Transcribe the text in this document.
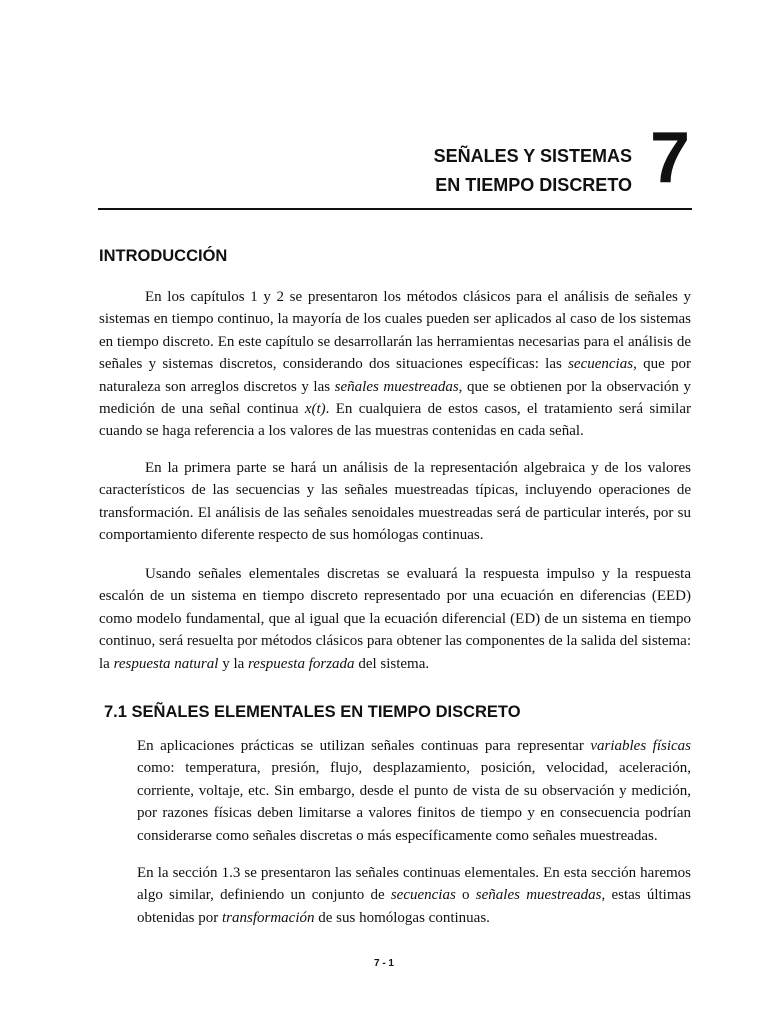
SEÑALES Y SISTEMAS
EN TIEMPO DISCRETO 7
INTRODUCCIÓN

En los capítulos 1 y 2 se presentaron los métodos clásicos para el análisis de señales y sistemas en tiempo continuo, la mayoría de los cuales pueden ser aplicados al caso de los sistemas en tiempo discreto. En este capítulo se desarrollarán las herramientas necesarias para el análisis de señales y sistemas discretos, considerando dos situaciones específicas: las secuencias, que por naturaleza son arreglos discretos y las señales muestreadas, que se obtienen por la observación y medición de una señal continua x(t). En cualquiera de estos casos, el tratamiento será similar cuando se haga referencia a los valores de las muestras contenidas en cada señal.

En la primera parte se hará un análisis de la representación algebraica y de los valores característicos de las secuencias y las señales muestreadas típicas, incluyendo operaciones de transformación. El análisis de las señales senoidales muestreadas será de particular interés, por su comportamiento diferente respecto de sus homólogas continuas.

Usando señales elementales discretas se evaluará la respuesta impulso y la respuesta escalón de un sistema en tiempo discreto representado por una ecuación en diferencias (EED) como modelo fundamental, que al igual que la ecuación diferencial (ED) de un sistema en tiempo continuo, será resuelta por métodos clásicos para obtener las componentes de la salida del sistema: la respuesta natural y la respuesta forzada del sistema.

7.1 SEÑALES ELEMENTALES EN TIEMPO DISCRETO

En aplicaciones prácticas se utilizan señales continuas para representar variables físicas como: temperatura, presión, flujo, desplazamiento, posición, velocidad, aceleración, corriente, voltaje, etc. Sin embargo, desde el punto de vista de su observación y medición, por razones físicas deben limitarse a valores finitos de tiempo y en consecuencia podrían considerarse como señales discretas o más específicamente como señales muestreadas.

En la sección 1.3 se presentaron las señales continuas elementales. En esta sección haremos algo similar, definiendo un conjunto de secuencias o señales muestreadas, estas últimas obtenidas por transformación de sus homólogas continuas.

7 - 1
